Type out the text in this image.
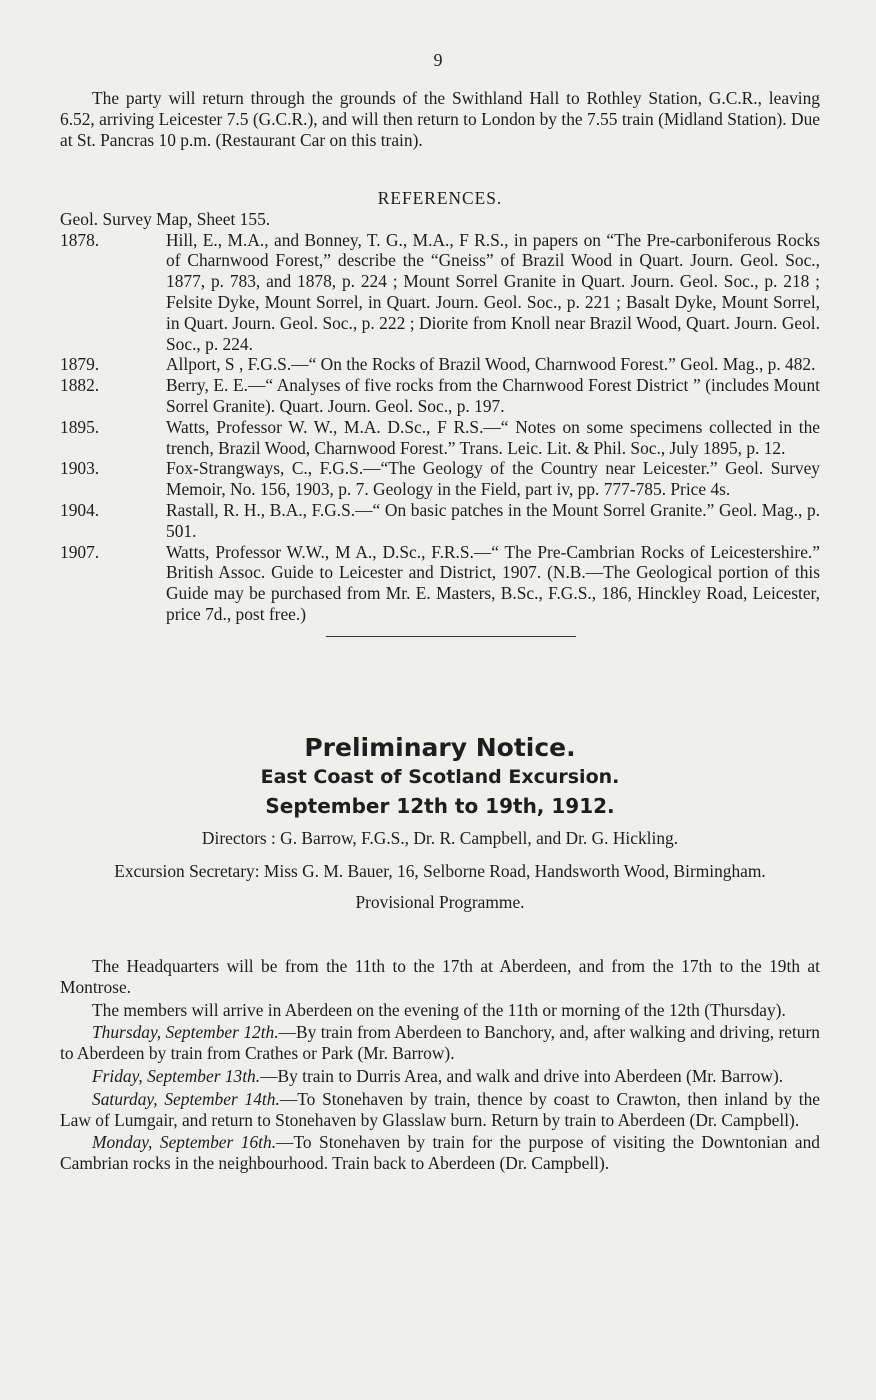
9

The party will return through the grounds of the Swithland Hall to Rothley Station, G.C.R., leaving 6.52, arriving Leicester 7.5 (G.C.R.), and will then return to London by the 7.55 train (Midland Station). Due at St. Pancras 10 p.m. (Restaurant Car on this train).

REFERENCES.

Geol. Survey Map, Sheet 155.

1878.	Hill, E., M.A., and Bonney, T. G., M.A., F R.S., in papers on “The Pre-carboniferous Rocks of Charnwood Forest,” describe the “Gneiss” of Brazil Wood in Quart. Journ. Geol. Soc., 1877, p. 783, and 1878, p. 224 ; Mount Sorrel Granite in Quart. Journ. Geol. Soc., p. 218 ; Felsite Dyke, Mount Sorrel, in Quart. Journ. Geol. Soc., p. 221 ; Basalt Dyke, Mount Sorrel, in Quart. Journ. Geol. Soc., p. 222 ; Diorite from Knoll near Brazil Wood, Quart. Journ. Geol. Soc., p. 224.

1879.	Allport, S , F.G.S.—“ On the Rocks of Brazil Wood, Charnwood Forest.” Geol. Mag., p. 482.

1882.	Berry, E. E.—“ Analyses of five rocks from the Charnwood Forest District ” (includes Mount Sorrel Granite). Quart. Journ. Geol. Soc., p. 197.

1895.	Watts, Professor W. W., M.A. D.Sc., F R.S.—“ Notes on some specimens collected in the trench, Brazil Wood, Charnwood Forest.” Trans. Leic. Lit. & Phil. Soc., July 1895, p. 12.

1903.	Fox-Strangways, C., F.G.S.—“The Geology of the Country near Leicester.” Geol. Survey Memoir, No. 156, 1903, p. 7. Geology in the Field, part iv, pp. 777-785. Price 4s.

1904.	Rastall, R. H., B.A., F.G.S.—“ On basic patches in the Mount Sorrel Granite.” Geol. Mag., p. 501.

1907.	Watts, Professor W.W., M A., D.Sc., F.R.S.—“ The Pre-Cambrian Rocks of Leicestershire.” British Assoc. Guide to Leicester and District, 1907. (N.B.—The Geological portion of this Guide may be purchased from Mr. E. Masters, B.Sc., F.G.S., 186, Hinckley Road, Leicester, price 7d., post free.)

Preliminary Notice.
East Coast of Scotland Excursion.
September 12th to 19th, 1912.

Directors : G. Barrow, F.G.S., Dr. R. Campbell, and Dr. G. Hickling.

Excursion Secretary: Miss G. M. Bauer, 16, Selborne Road, Handsworth Wood, Birmingham.

Provisional Programme.

The Headquarters will be from the 11th to the 17th at Aberdeen, and from the 17th to the 19th at Montrose.

The members will arrive in Aberdeen on the evening of the 11th or morning of the 12th (Thursday).

Thursday, September 12th.—By train from Aberdeen to Banchory, and, after walking and driving, return to Aberdeen by train from Crathes or Park (Mr. Barrow).

Friday, September 13th.—By train to Durris Area, and walk and drive into Aberdeen (Mr. Barrow).

Saturday, September 14th.—To Stonehaven by train, thence by coast to Crawton, then inland by the Law of Lumgair, and return to Stonehaven by Glasslaw burn. Return by train to Aberdeen (Dr. Campbell).

Monday, September 16th.—To Stonehaven by train for the purpose of visiting the Downtonian and Cambrian rocks in the neighbourhood. Train back to Aberdeen (Dr. Campbell).
